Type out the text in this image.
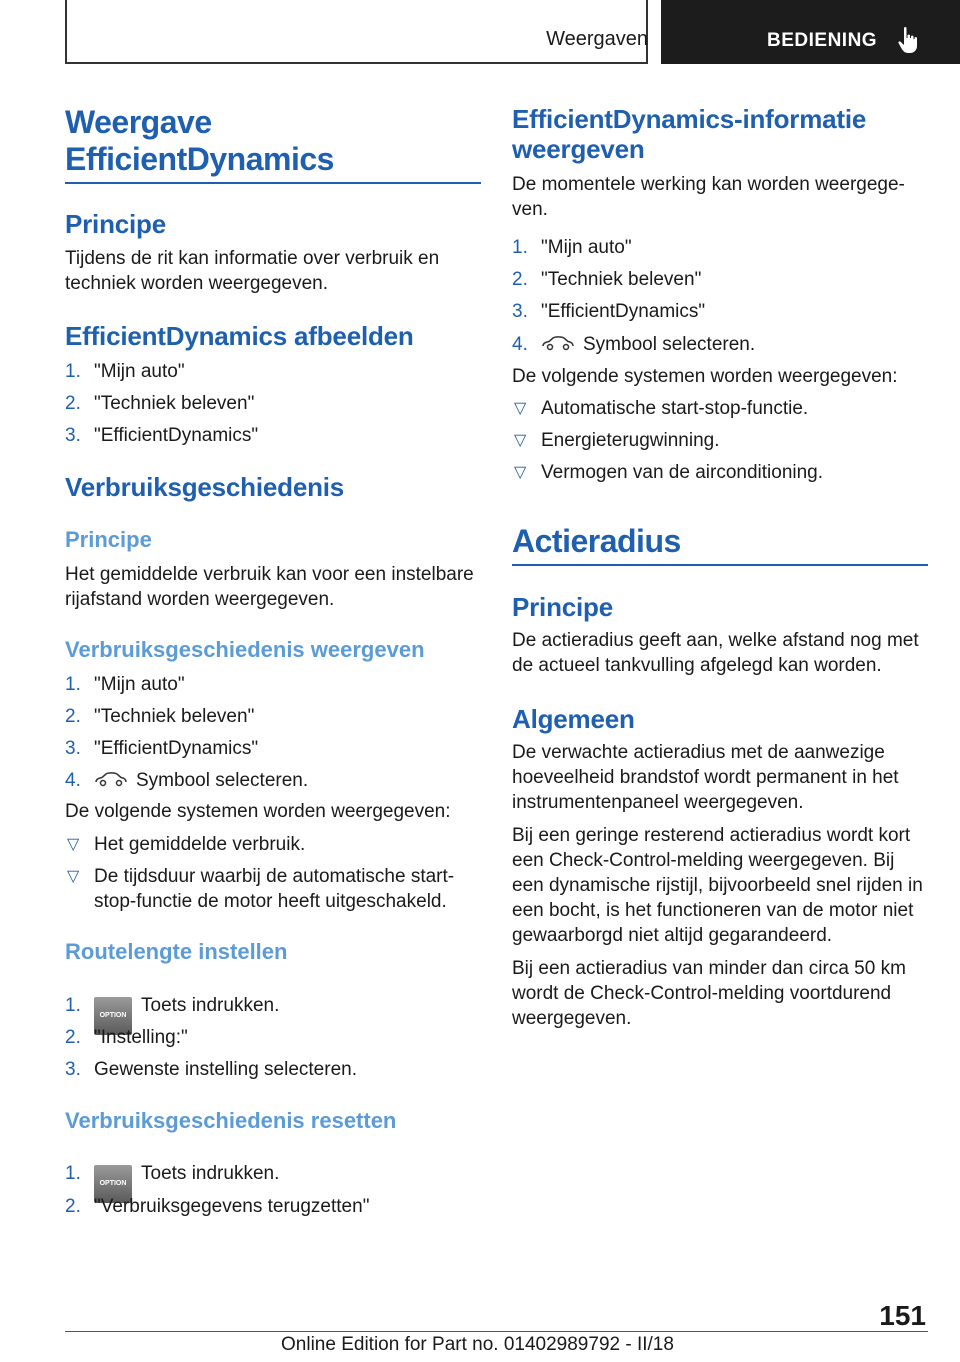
Weergaven	BEDIENING
Weergave
EfficientDynamics
Principe
Tijdens de rit kan informatie over verbruik en techniek worden weergegeven.
EfficientDynamics afbeelden
1. "Mijn auto"
2. "Techniek beleven"
3. "EfficientDynamics"
Verbruiksgeschiedenis
Principe
Het gemiddelde verbruik kan voor een instelbare rijafstand worden weergegeven.
Verbruiksgeschiedenis weergeven
1. "Mijn auto"
2. "Techniek beleven"
3. "EfficientDynamics"
4.	Symbool selecteren.
De volgende systemen worden weergegeven:
▽ Het gemiddelde verbruik.
▽ De tijdsduur waarbij de automatische start-stop-functie de motor heeft uitgeschakeld.
Routelengte instellen
1.	OPTION Toets indrukken.
2. "Instelling:"
3. Gewenste instelling selecteren.
Verbruiksgeschiedenis resetten
1.	OPTION Toets indrukken.
2. "Verbruiksgegevens terugzetten"
EfficientDynamics-informatie
weergeven
De momentele werking kan worden weergege-ven.
1. "Mijn auto"
2. "Techniek beleven"
3. "EfficientDynamics"
4.	Symbool selecteren.
De volgende systemen worden weergegeven:
▽ Automatische start-stop-functie.
▽ Energieterugwinning.
▽ Vermogen van de airconditioning.
Actieradius
Principe
De actieradius geeft aan, welke afstand nog met de actueel tankvulling afgelegd kan worden.
Algemeen
De verwachte actieradius met de aanwezige hoeveelheid brandstof wordt permanent in het instrumentenpaneel weergegeven.
Bij een geringe resterend actieradius wordt kort een Check-Control-melding weergegeven. Bij een dynamische rijstijl, bijvoorbeeld snel rijden in een bocht, is het functioneren van de motor niet gewaarborgd niet altijd gegarandeerd.
Bij een actieradius van minder dan circa 50 km wordt de Check-Control-melding voortdurend weergegeven.
151
Online Edition for Part no. 01402989792 - II/18
